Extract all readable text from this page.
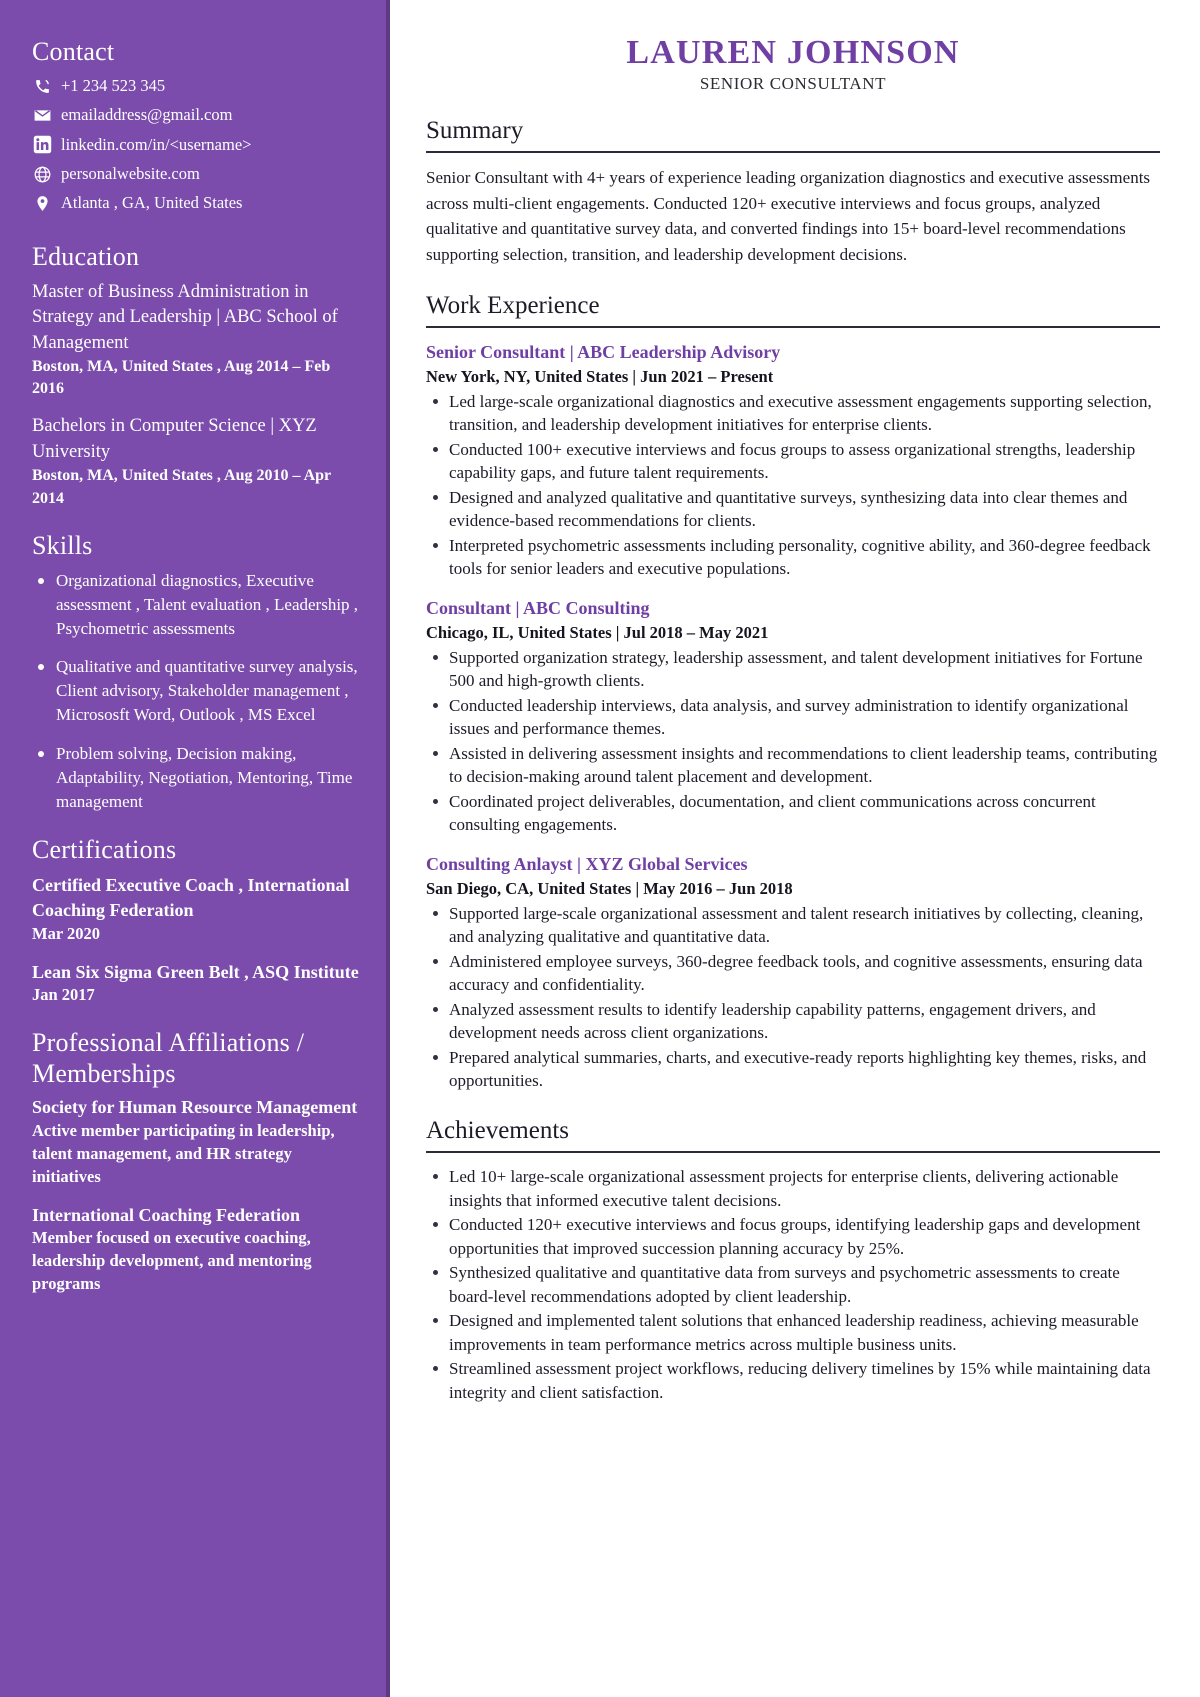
Contact
+1 234 523 345
emailaddress@gmail.com
linkedin.com/in/<username>
personalwebsite.com
Atlanta , GA, United States
Education
Master of Business Administration in Strategy and Leadership | ABC School of Management
Boston, MA, United States , Aug 2014 – Feb 2016
Bachelors in Computer Science | XYZ University
Boston, MA, United States , Aug 2010 – Apr 2014
Skills
Organizational diagnostics, Executive assessment , Talent evaluation , Leadership , Psychometric assessments
Qualitative and quantitative survey analysis, Client advisory, Stakeholder management , Micrososft Word, Outlook , MS Excel
Problem solving, Decision making, Adaptability, Negotiation, Mentoring, Time management
Certifications
Certified Executive Coach , International Coaching Federation
Mar 2020
Lean Six Sigma Green Belt , ASQ Institute
Jan 2017
Professional Affiliations / Memberships
Society for Human Resource Management
Active member participating in leadership, talent management, and HR strategy initiatives
International Coaching Federation
Member focused on executive coaching, leadership development, and mentoring programs
LAUREN JOHNSON
SENIOR CONSULTANT
Summary

Senior Consultant with 4+ years of experience leading organization diagnostics and executive assessments across multi-client engagements. Conducted 120+ executive interviews and focus groups, analyzed qualitative and quantitative survey data, and converted findings into 15+ board-level recommendations supporting selection, transition, and leadership development decisions.

Work Experience
Senior Consultant | ABC Leadership Advisory
New York, NY, United States | Jun 2021 – Present
Led large-scale organizational diagnostics and executive assessment engagements supporting selection, transition, and leadership development initiatives for enterprise clients.
Conducted 100+ executive interviews and focus groups to assess organizational strengths, leadership capability gaps, and future talent requirements.
Designed and analyzed qualitative and quantitative surveys, synthesizing data into clear themes and evidence-based recommendations for clients.
Interpreted psychometric assessments including personality, cognitive ability, and 360-degree feedback tools for senior leaders and executive populations.
Consultant | ABC Consulting
Chicago, IL, United States | Jul 2018 – May 2021
Supported organization strategy, leadership assessment, and talent development initiatives for Fortune 500 and high-growth clients.
Conducted leadership interviews, data analysis, and survey administration to identify organizational issues and performance themes.
Assisted in delivering assessment insights and recommendations to client leadership teams, contributing to decision-making around talent placement and development.
Coordinated project deliverables, documentation, and client communications across concurrent consulting engagements.
Consulting Anlayst | XYZ Global Services
San Diego, CA, United States | May 2016 – Jun 2018
Supported large-scale organizational assessment and talent research initiatives by collecting, cleaning, and analyzing qualitative and quantitative data.
Administered employee surveys, 360-degree feedback tools, and cognitive assessments, ensuring data accuracy and confidentiality.
Analyzed assessment results to identify leadership capability patterns, engagement drivers, and development needs across client organizations.
Prepared analytical summaries, charts, and executive-ready reports highlighting key themes, risks, and opportunities.
Achievements
Led 10+ large-scale organizational assessment projects for enterprise clients, delivering actionable insights that informed executive talent decisions.
Conducted 120+ executive interviews and focus groups, identifying leadership gaps and development opportunities that improved succession planning accuracy by 25%.
Synthesized qualitative and quantitative data from surveys and psychometric assessments to create board-level recommendations adopted by client leadership.
Designed and implemented talent solutions that enhanced leadership readiness, achieving measurable improvements in team performance metrics across multiple business units.
Streamlined assessment project workflows, reducing delivery timelines by 15% while maintaining data integrity and client satisfaction.
